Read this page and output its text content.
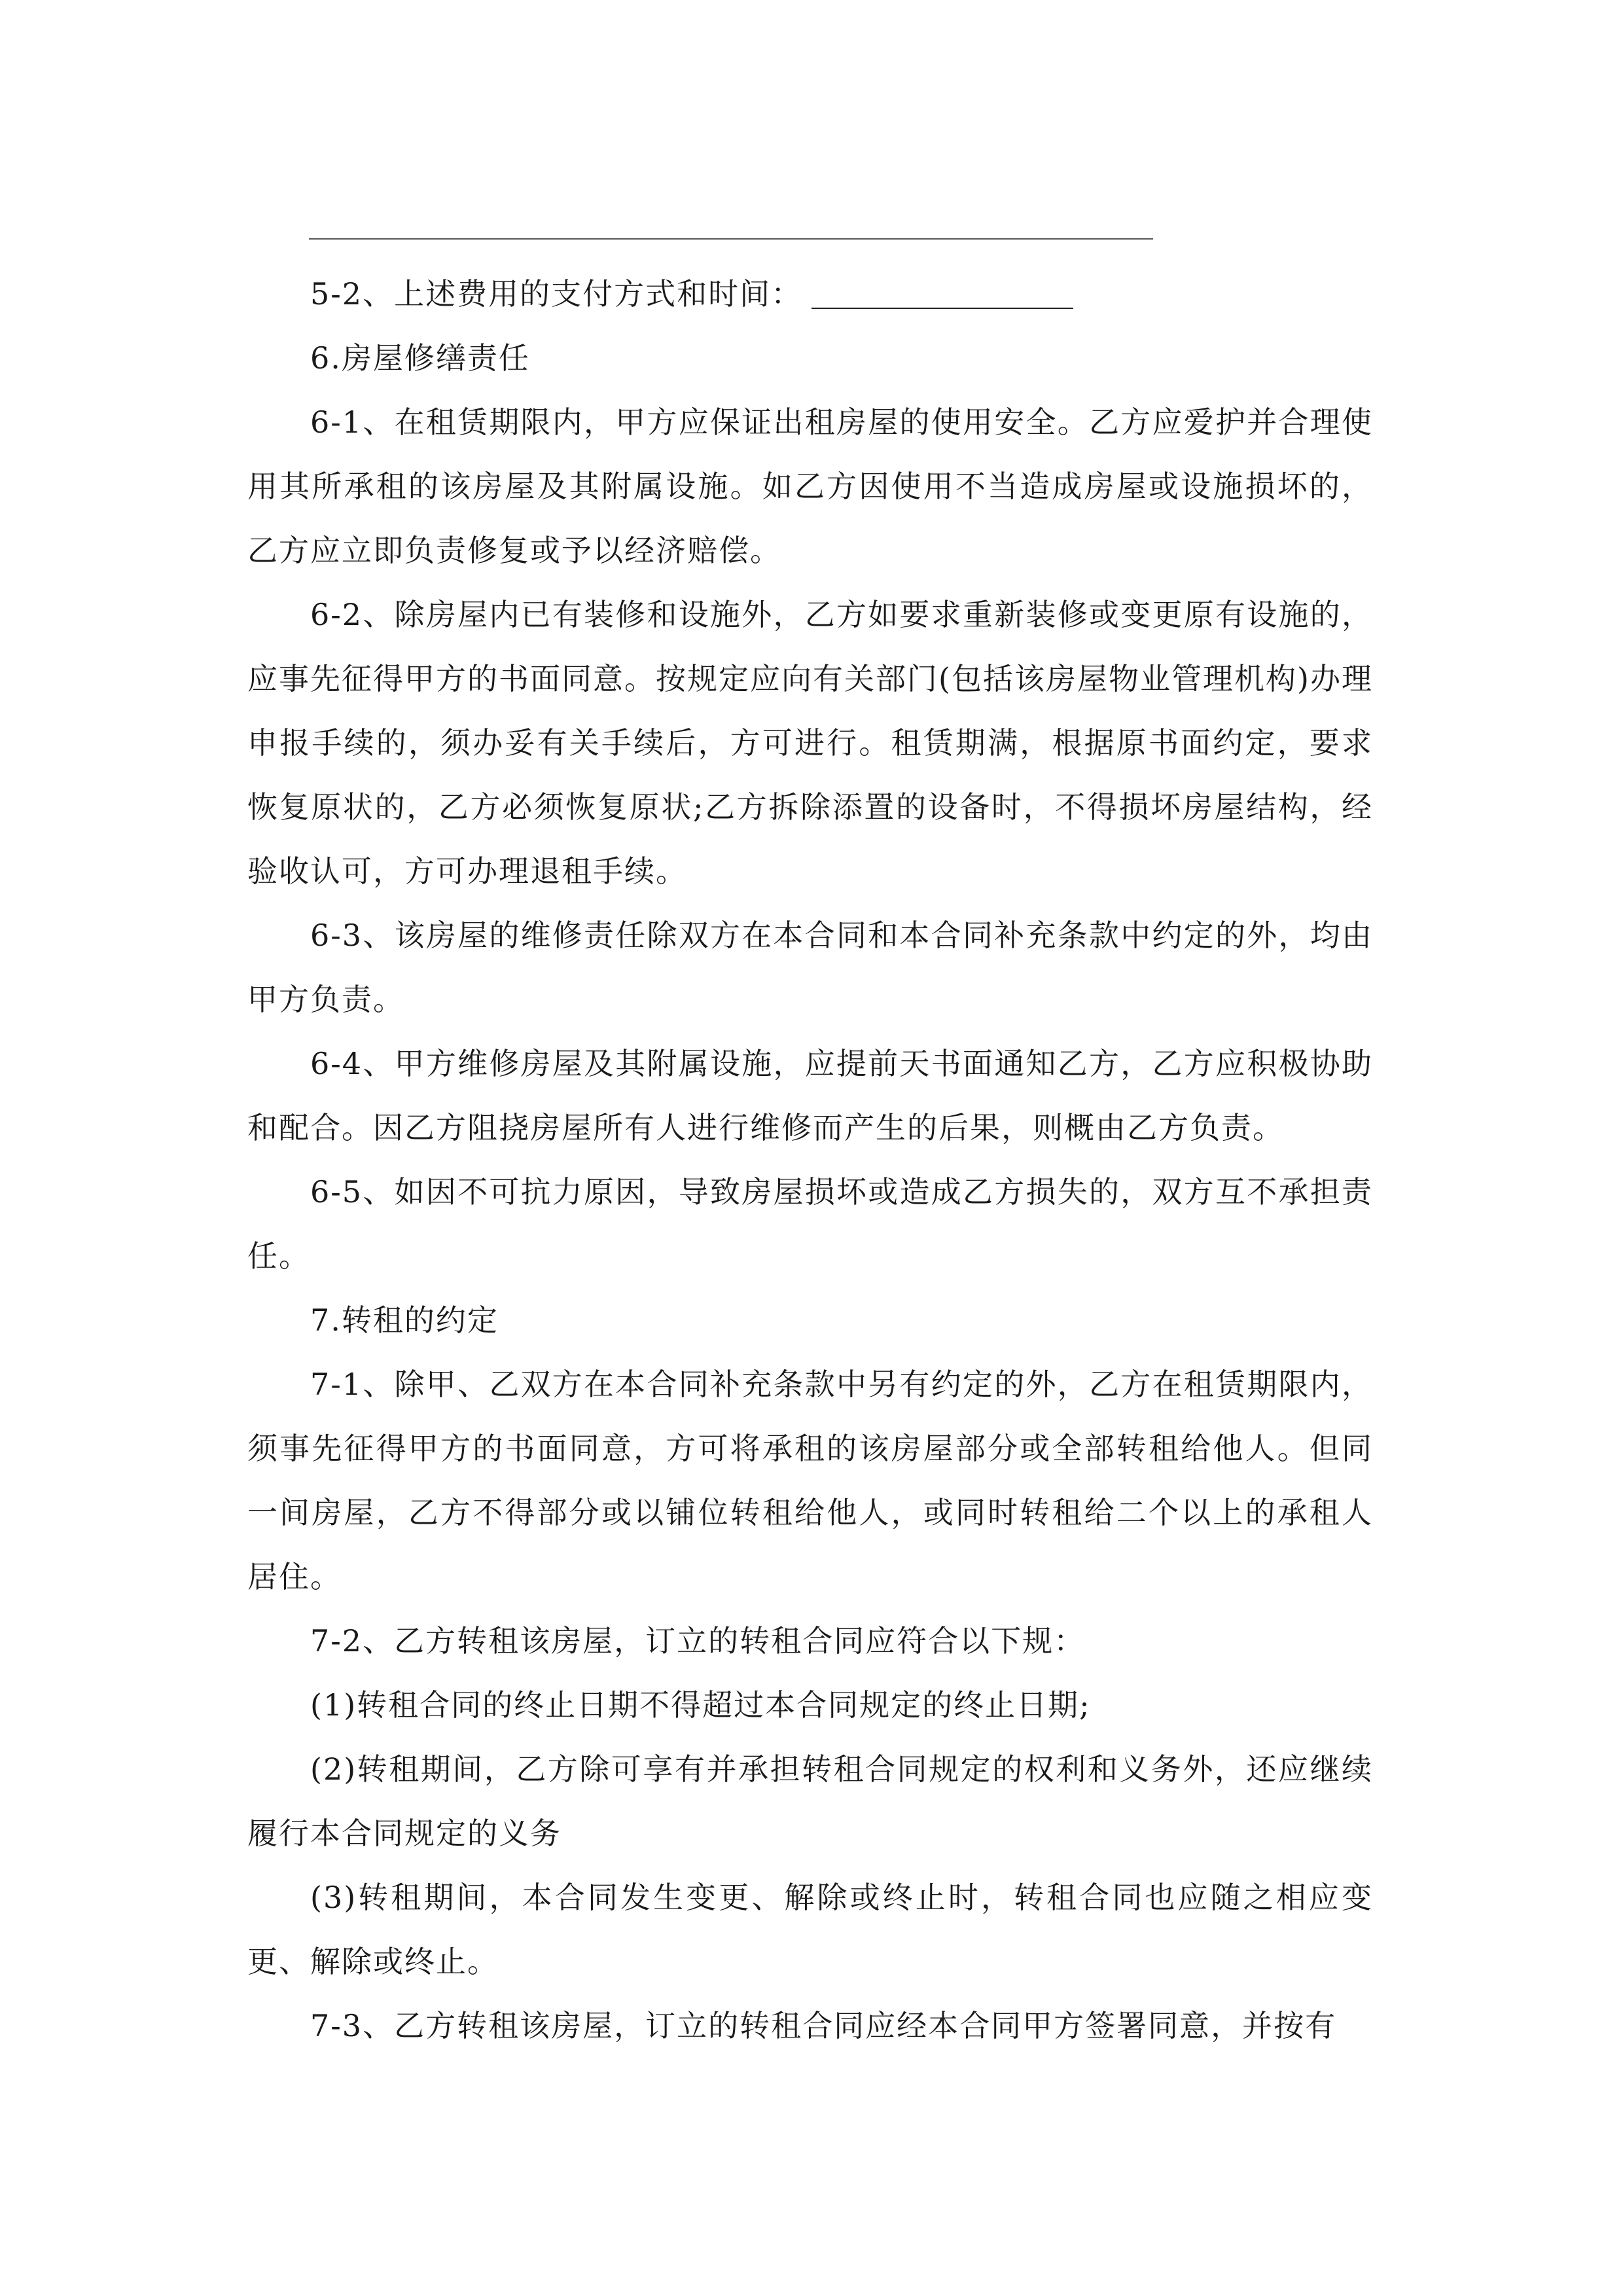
5-2、上述费用的支付方式和时间：

6.房屋修缮责任

6-1、在租赁期限内，甲方应保证出租房屋的使用安全。乙方应爱护并合理使用其所承租的该房屋及其附属设施。如乙方因使用不当造成房屋或设施损坏的，乙方应立即负责修复或予以经济赔偿。

6-2、除房屋内已有装修和设施外，乙方如要求重新装修或变更原有设施的，应事先征得甲方的书面同意。按规定应向有关部门(包括该房屋物业管理机构)办理申报手续的，须办妥有关手续后，方可进行。租赁期满，根据原书面约定，要求恢复原状的，乙方必须恢复原状;乙方拆除添置的设备时，不得损坏房屋结构，经验收认可，方可办理退租手续。

6-3、该房屋的维修责任除双方在本合同和本合同补充条款中约定的外，均由甲方负责。

6-4、甲方维修房屋及其附属设施，应提前天书面通知乙方，乙方应积极协助和配合。因乙方阻挠房屋所有人进行维修而产生的后果，则概由乙方负责。

6-5、如因不可抗力原因，导致房屋损坏或造成乙方损失的，双方互不承担责任。

7.转租的约定

7-1、除甲、乙双方在本合同补充条款中另有约定的外，乙方在租赁期限内，须事先征得甲方的书面同意，方可将承租的该房屋部分或全部转租给他人。但同一间房屋，乙方不得部分或以铺位转租给他人，或同时转租给二个以上的承租人居住。

7-2、乙方转租该房屋，订立的转租合同应符合以下规：

(1)转租合同的终止日期不得超过本合同规定的终止日期;

(2)转租期间，乙方除可享有并承担转租合同规定的权利和义务外，还应继续履行本合同规定的义务

(3)转租期间，本合同发生变更、解除或终止时，转租合同也应随之相应变更、解除或终止。

7-3、乙方转租该房屋，订立的转租合同应经本合同甲方签署同意，并按有
